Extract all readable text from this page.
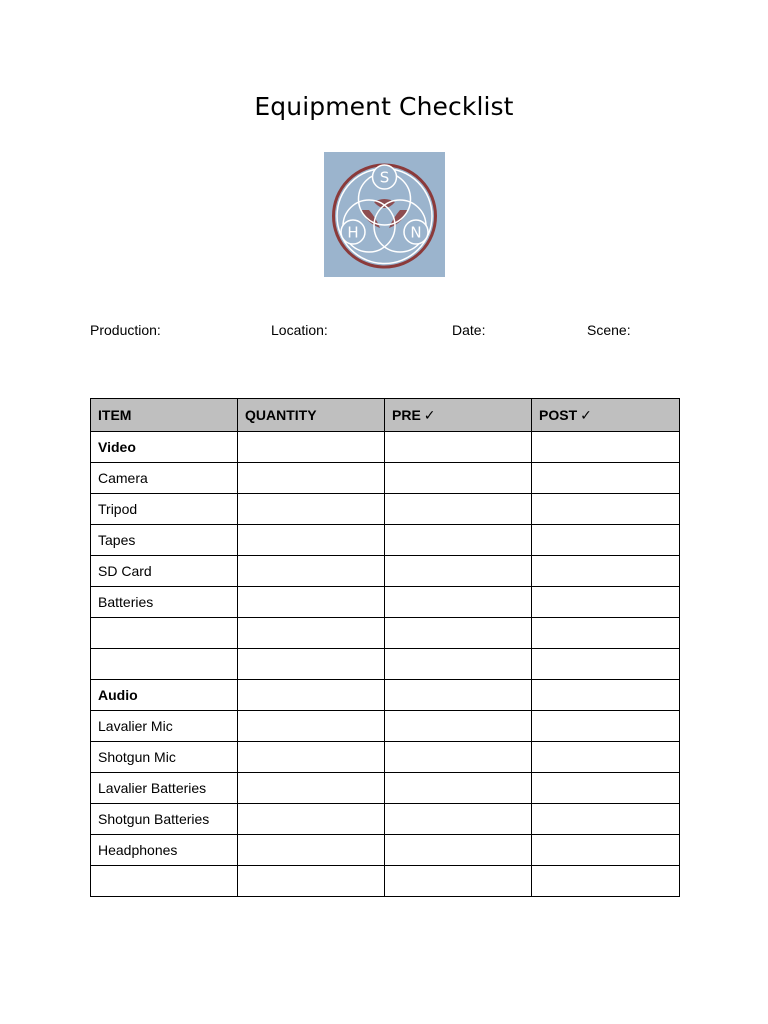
Equipment Checklist
S
H	N
Production:	Location:	Date:	Scene:
ITEM	QUANTITY	PRE ✓	POST ✓
Video			
Camera			
Tripod			
Tapes			
SD Card			
Batteries			

Audio			
Lavalier Mic			
Shotgun Mic			
Lavalier Batteries			
Shotgun Batteries			
Headphones			
